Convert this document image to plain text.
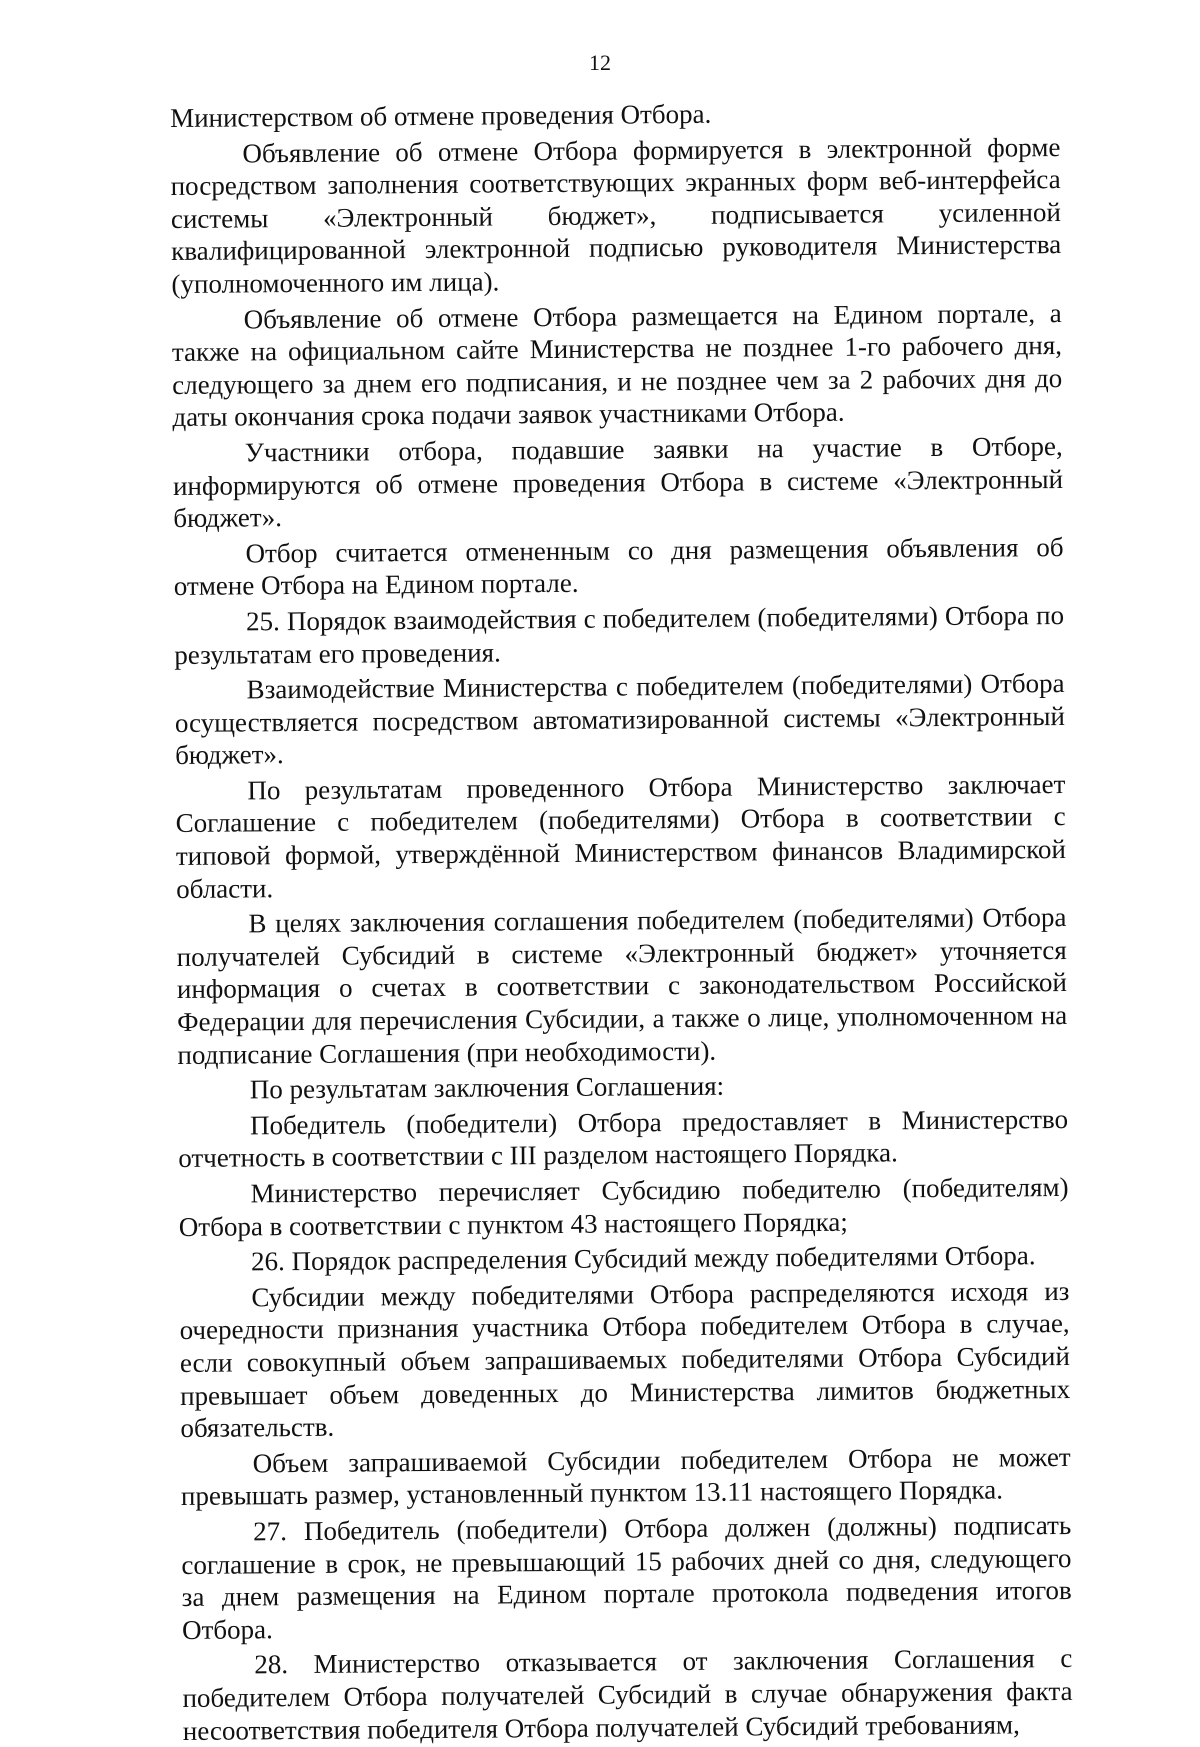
12

Министерством об отмене проведения Отбора.

Объявление об отмене Отбора формируется в электронной форме посредством заполнения соответствующих экранных форм веб-интерфейса системы «Электронный бюджет», подписывается усиленной квалифицированной электронной подписью руководителя Министерства (уполномоченного им лица).

Объявление об отмене Отбора размещается на Едином портале, а также на официальном сайте Министерства не позднее 1-го рабочего дня, следующего за днем его подписания, и не позднее чем за 2 рабочих дня до даты окончания срока подачи заявок участниками Отбора.

Участники отбора, подавшие заявки на участие в Отборе, информируются об отмене проведения Отбора в системе «Электронный бюджет».

Отбор считается отмененным со дня размещения объявления об отмене Отбора на Едином портале.

25. Порядок взаимодействия с победителем (победителями) Отбора по результатам его проведения.

Взаимодействие Министерства с победителем (победителями) Отбора осуществляется посредством автоматизированной системы «Электронный бюджет».

По результатам проведенного Отбора Министерство заключает Соглашение с победителем (победителями) Отбора в соответствии с типовой формой, утверждённой Министерством финансов Владимирской области.

В целях заключения соглашения победителем (победителями) Отбора получателей Субсидий в системе «Электронный бюджет» уточняется информация о счетах в соответствии с законодательством Российской Федерации для перечисления Субсидии, а также о лице, уполномоченном на подписание Соглашения (при необходимости).

По результатам заключения Соглашения:

Победитель (победители) Отбора предоставляет в Министерство отчетность в соответствии с III разделом настоящего Порядка.

Министерство перечисляет Субсидию победителю (победителям) Отбора в соответствии с пунктом 43 настоящего Порядка;

26. Порядок распределения Субсидий между победителями Отбора.

Субсидии между победителями Отбора распределяются исходя из очередности признания участника Отбора победителем Отбора в случае, если совокупный объем запрашиваемых победителями Отбора Субсидий превышает объем доведенных до Министерства лимитов бюджетных обязательств.

Объем запрашиваемой Субсидии победителем Отбора не может превышать размер, установленный пунктом 13.11 настоящего Порядка.

27. Победитель (победители) Отбора должен (должны) подписать соглашение в срок, не превышающий 15 рабочих дней со дня, следующего за днем размещения на Едином портале протокола подведения итогов Отбора.

28. Министерство отказывается от заключения Соглашения с победителем Отбора получателей Субсидий в случае обнаружения факта несоответствия победителя Отбора получателей Субсидий требованиям,
